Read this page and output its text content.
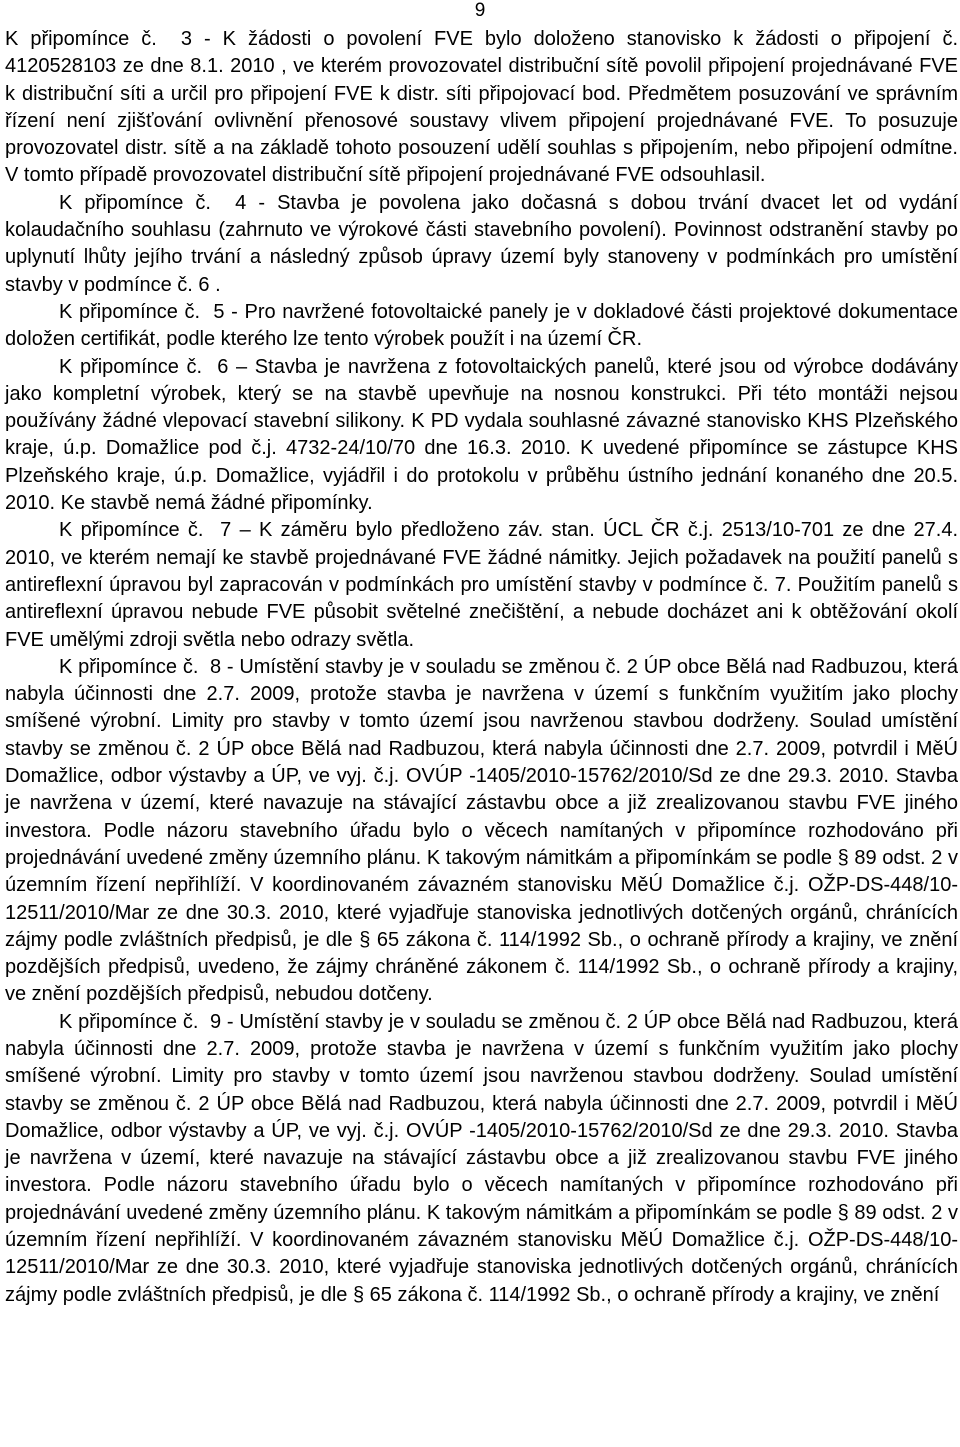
9

K připomínce č. 3 - K žádosti o povolení FVE bylo doloženo stanovisko k žádosti o připojení č. 4120528103 ze dne 8.1. 2010 , ve kterém provozovatel distribuční sítě povolil připojení projednávané FVE k distribuční síti a určil pro připojení FVE k distr. síti připojovací bod. Předmětem posuzování ve správním řízení není zjišťování ovlivnění přenosové soustavy vlivem připojení projednávané FVE. To posuzuje provozovatel distr. sítě a na základě tohoto posouzení udělí souhlas s připojením, nebo připojení odmítne. V tomto případě provozovatel distribuční sítě připojení projednávané FVE odsouhlasil.

K připomínce č. 4 - Stavba je povolena jako dočasná s dobou trvání dvacet let od vydání kolaudačního souhlasu (zahrnuto ve výrokové části stavebního povolení). Povinnost odstranění stavby po uplynutí lhůty jejího trvání a následný způsob úpravy území byly stanoveny v podmínkách pro umístění stavby v podmínce č. 6 .

K připomínce č. 5 - Pro navržené fotovoltaické panely je v dokladové části projektové dokumentace doložen certifikát, podle kterého lze tento výrobek použít i na území ČR.

K připomínce č. 6 – Stavba je navržena z fotovoltaických panelů, které jsou od výrobce dodávány jako kompletní výrobek, který se na stavbě upevňuje na nosnou konstrukci. Při této montáži nejsou používány žádné vlepovací stavební silikony. K PD vydala souhlasné závazné stanovisko KHS Plzeňského kraje, ú.p. Domažlice pod č.j. 4732-24/10/70 dne 16.3. 2010. K uvedené připomínce se zástupce KHS Plzeňského kraje, ú.p. Domažlice, vyjádřil i do protokolu v průběhu ústního jednání konaného dne 20.5. 2010. Ke stavbě nemá žádné připomínky.

K připomínce č. 7 – K záměru bylo předloženo záv. stan. ÚCL ČR č.j. 2513/10-701 ze dne 27.4. 2010, ve kterém nemají ke stavbě projednávané FVE žádné námitky. Jejich požadavek na použití panelů s antireflexní úpravou byl zapracován v podmínkách pro umístění stavby v podmínce č. 7. Použitím panelů s antireflexní úpravou nebude FVE působit světelné znečištění, a nebude docházet ani k obtěžování okolí FVE umělými zdroji světla nebo odrazy světla.

K připomínce č. 8 - Umístění stavby je v souladu se změnou č. 2 ÚP obce Bělá nad Radbuzou, která nabyla účinnosti dne 2.7. 2009, protože stavba je navržena v území s funkčním využitím jako plochy smíšené výrobní. Limity pro stavby v tomto území jsou navrženou stavbou dodrženy. Soulad umístění stavby se změnou č. 2 ÚP obce Bělá nad Radbuzou, která nabyla účinnosti dne 2.7. 2009, potvrdil i MěÚ Domažlice, odbor výstavby a ÚP, ve vyj. č.j. OVÚP -1405/2010-15762/2010/Sd ze dne 29.3. 2010. Stavba je navržena v území, které navazuje na stávající zástavbu obce a již zrealizovanou stavbu FVE jiného investora. Podle názoru stavebního úřadu bylo o věcech namítaných v připomínce rozhodováno při projednávání uvedené změny územního plánu. K takovým námitkám a připomínkám se podle § 89 odst. 2 v územním řízení nepřihlíží. V koordinovaném závazném stanovisku MěÚ Domažlice č.j. OŽP-DS-448/10-12511/2010/Mar ze dne 30.3. 2010, které vyjadřuje stanoviska jednotlivých dotčených orgánů, chránících zájmy podle zvláštních předpisů, je dle § 65 zákona č. 114/1992 Sb., o ochraně přírody a krajiny, ve znění pozdějších předpisů, uvedeno, že zájmy chráněné zákonem č. 114/1992 Sb., o ochraně přírody a krajiny, ve znění pozdějších předpisů, nebudou dotčeny.

K připomínce č. 9 - Umístění stavby je v souladu se změnou č. 2 ÚP obce Bělá nad Radbuzou, která nabyla účinnosti dne 2.7. 2009, protože stavba je navržena v území s funkčním využitím jako plochy smíšené výrobní. Limity pro stavby v tomto území jsou navrženou stavbou dodrženy. Soulad umístění stavby se změnou č. 2 ÚP obce Bělá nad Radbuzou, která nabyla účinnosti dne 2.7. 2009, potvrdil i MěÚ Domažlice, odbor výstavby a ÚP, ve vyj. č.j. OVÚP -1405/2010-15762/2010/Sd ze dne 29.3. 2010. Stavba je navržena v území, které navazuje na stávající zástavbu obce a již zrealizovanou stavbu FVE jiného investora. Podle názoru stavebního úřadu bylo o věcech namítaných v připomínce rozhodováno při projednávání uvedené změny územního plánu. K takovým námitkám a připomínkám se podle § 89 odst. 2 v územním řízení nepřihlíží. V koordinovaném závazném stanovisku MěÚ Domažlice č.j. OŽP-DS-448/10-12511/2010/Mar ze dne 30.3. 2010, které vyjadřuje stanoviska jednotlivých dotčených orgánů, chránících zájmy podle zvláštních předpisů, je dle § 65 zákona č. 114/1992 Sb., o ochraně přírody a krajiny, ve znění
